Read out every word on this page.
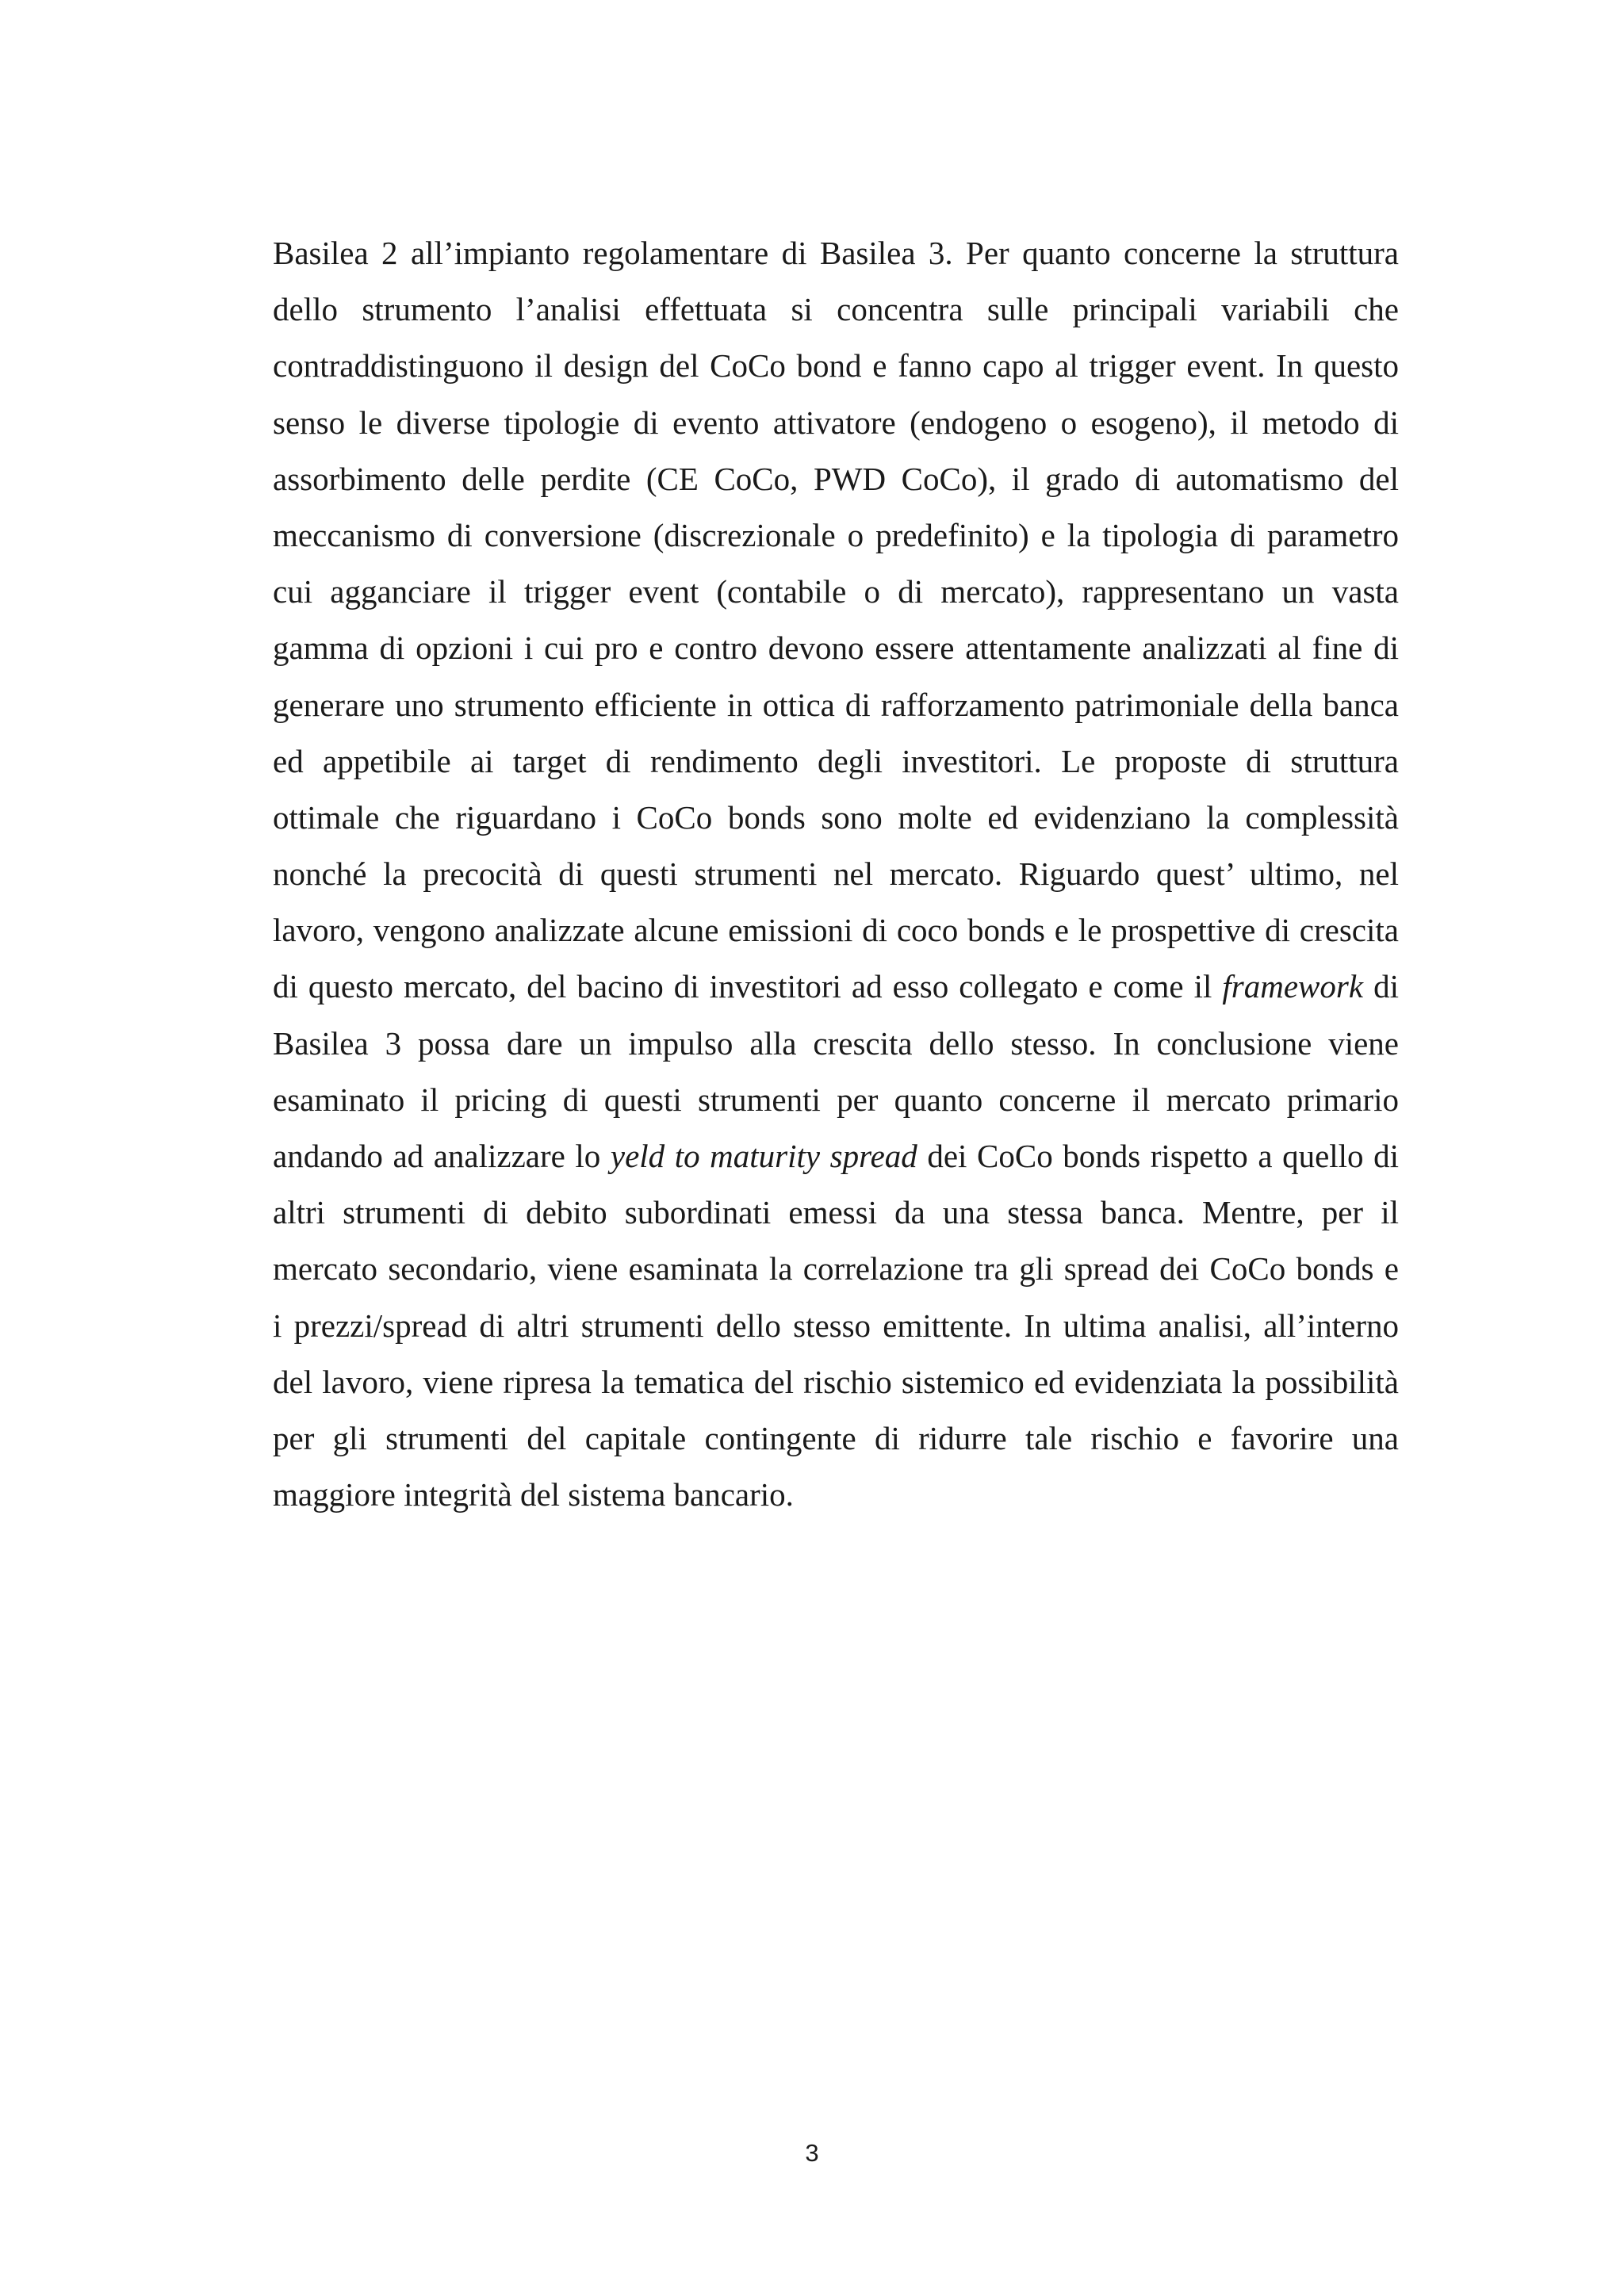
Basilea 2 all’impianto regolamentare di Basilea 3. Per quanto concerne la struttura
dello strumento l’analisi effettuata si concentra sulle principali variabili che
contraddistinguono il design del CoCo bond e fanno capo al trigger event. In questo
senso le diverse tipologie di evento attivatore (endogeno o esogeno), il metodo di
assorbimento delle perdite (CE CoCo, PWD CoCo), il grado di automatismo del
meccanismo di conversione (discrezionale o predefinito) e la tipologia di parametro
cui agganciare il trigger event (contabile o di mercato), rappresentano un vasta
gamma di opzioni i cui pro e contro devono essere attentamente analizzati al fine di
generare uno strumento efficiente in ottica di rafforzamento patrimoniale della banca
ed appetibile ai target di rendimento degli investitori. Le proposte di struttura
ottimale che riguardano i CoCo bonds sono molte ed evidenziano la complessità
nonché la precocità di questi strumenti nel mercato. Riguardo quest’ ultimo, nel
lavoro, vengono analizzate alcune emissioni di coco bonds e le prospettive di crescita
di questo mercato, del bacino di investitori ad esso collegato e come il framework di
Basilea 3 possa dare un impulso alla crescita dello stesso. In conclusione viene
esaminato il pricing di questi strumenti per quanto concerne il mercato primario
andando ad analizzare lo yeld to maturity spread dei CoCo bonds rispetto a quello di
altri strumenti di debito subordinati emessi da una stessa banca. Mentre, per il
mercato secondario, viene esaminata la correlazione tra gli spread dei CoCo bonds e
i prezzi/spread di altri strumenti dello stesso emittente. In ultima analisi, all’interno
del lavoro, viene ripresa la tematica del rischio sistemico ed evidenziata la possibilità
per gli strumenti del capitale contingente di ridurre tale rischio e favorire una
maggiore integrità del sistema bancario.
3
